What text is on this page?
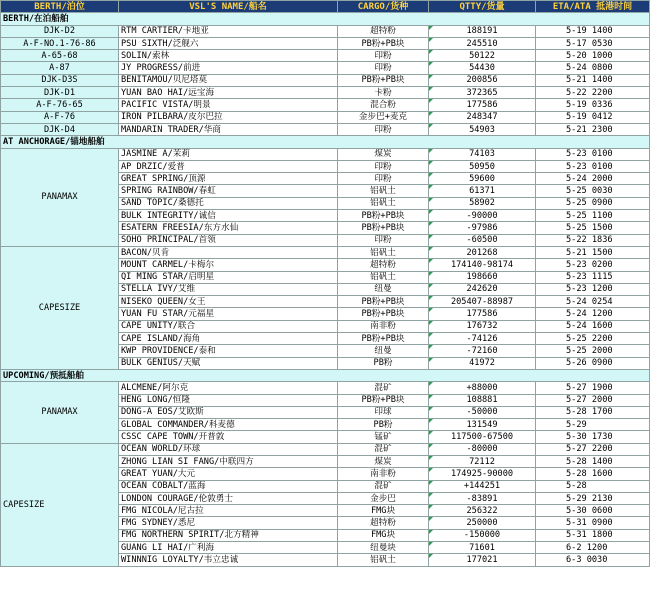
BERTH/泊位	VSL'S NAME/船名	CARGO/货种	QTTY/货量	ETA/ATA 抵港时间
BERTH/在泊船舶				
DJK-D2	RTM CARTIER/卡地亚	超特粉	188191	5-19 1400
A-F-NO.1-76-86	PSU SIXTH/泛舰六	PB粉+PB块	245510	5-17 0530
A-65-68	SOLIN/索林	印粉	50122	5-20 1000
A-87	JY PROGRESS/前进	印粉	54430	5-24 0800
DJK-D3S	BENITAMOU/贝尼塔莫	PB粉+PB块	200856	5-21 1400
DJK-D1	YUAN BAO HAI/远宝海	卡粉	372365	5-22 2200
A-F-76-65	PACIFIC VISTA/明景	混合粉	177586	5-19 0336
A-F-76	IRON PILBARA/皮尔巴拉	金步巴+麦克	248347	5-19 0412
DJK-D4	MANDARIN TRADER/华商	印粉	54903	5-21 2300
AT ANCHORAGE/锚地船舶				
PANAMAX	JASMINE A/茉莉	煤炭	74103	5-23 0100
	AP DRZIC/爱普	印粉	50950	5-23 0100
	GREAT SPRING/顶源	印粉	59600	5-24 2000
	SPRING RAINBOW/春虹	铝矾土	61371	5-25 0030
	SAND TOPIC/桑德托	铝矾土	58902	5-25 0900
	BULK INTEGRITY/诚信	PB粉+PB块	-90000	5-25 1100
	ESATERN FREESIA/东方水仙	PB粉+PB块	-97986	5-25 1500
	SOHO PRINCIPAL/首领	印粉	-60500	5-22 1836
CAPESIZE	BACON/贝肯	铝矾土	201268	5-21 1500
	MOUNT CARMEL/卡梅尔	超特粉	174140-98174	5-23 0200
	QI MING STAR/启明星	铝矾土	198660	5-23 1115
	STELLA IVY/艾维	纽曼	242620	5-23 1200
	NISEKO QUEEN/女王	PB粉+PB块	205407-88987	5-24 0254
	YUAN FU STAR/元福星	PB粉+PB块	177586	5-24 1200
	CAPE UNITY/联合	南非粉	176732	5-24 1600
	CAPE ISLAND/海角	PB粉+PB块	-74126	5-25 2200
	KWP PROVIDENCE/泰和	纽曼	-72160	5-25 2000
	BULK GENIUS/天赋	PB粉	41972	5-26 0900
UPCOMING/预抵船舶				
PANAMAX	ALCMENE/阿尔克	混矿	+88000	5-27 1900
	HENG LONG/恒隆	PB粉+PB块	108881	5-27 2000
	DONG-A EOS/艾欧斯	印球	-50000	5-28 1700
	GLOBAL COMMANDER/科麦德	PB粉	131549	5-29
	CSSC CAPE TOWN/开普敦	锰矿	117500-67500	5-30 1730
CAPESIZE	OCEAN WORLD/环球	混矿	-80000	5-27 2200
	ZHONG LIAN SI FANG/中联四方	煤炭	72112	5-28 1400
	GREAT YUAN/大元	南非粉	174925-90000	5-28 1600
	OCEAN COBALT/蓝海	混矿	+144251	5-28
	LONDON COURAGE/伦敦勇士	金步巴	-83891	5-29 2130
	FMG NICOLA/尼古拉	FMG块	256322	5-30 0600
	FMG SYDNEY/悉尼	超特粉	250000	5-31 0900
	FMG NORTHERN SPIRIT/北方精神	FMG块	-150000	5-31 1800
	GUANG LI HAI/广利海	纽曼块	71601	6-2 1200
	WINNNIG LOYALTY/韦立忠诚	铝矾土	177021	6-3 0030
